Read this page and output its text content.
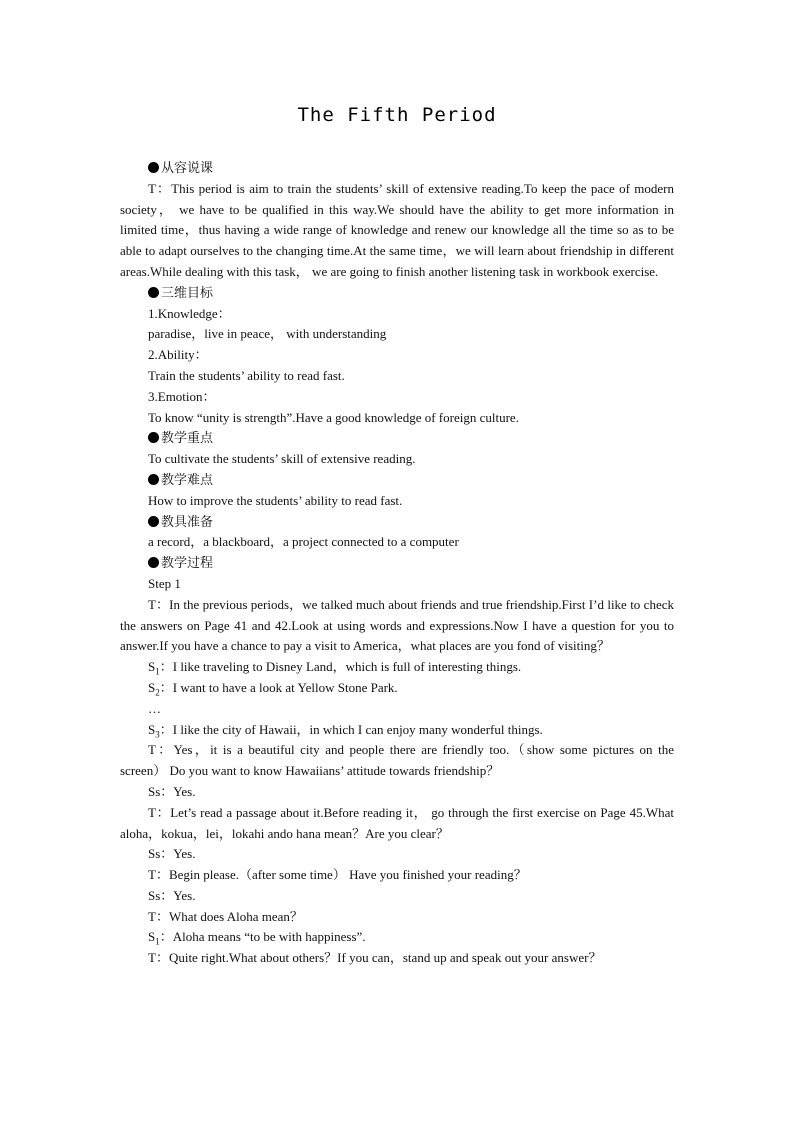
The Fifth Period

从容说课

T：This period is aim to train the students’ skill of extensive reading.To keep the pace of modern society， we have to be qualified in this way.We should have the ability to get more information in limited time，thus having a wide range of knowledge and renew our knowledge all the time so as to be able to adapt ourselves to the changing time.At the same time，we will learn about friendship in different areas.While dealing with this task， we are going to finish another listening task in workbook exercise.

三维目标

1.Knowledge：

paradise，live in peace， with understanding

2.Ability：

Train the students’ ability to read fast.

3.Emotion：

To know “unity is strength”.Have a good knowledge of foreign culture.

教学重点

To cultivate the students’ skill of extensive reading.

教学难点

How to improve the students’ ability to read fast.

教具准备

a record，a blackboard，a project connected to a computer

教学过程

Step 1

T：In the previous periods，we talked much about friends and true friendship.First I’d like to check the answers on Page 41 and 42.Look at using words and expressions.Now I have a question for you to answer.If you have a chance to pay a visit to America，what places are you fond of visiting？

$S_1$：I like traveling to Disney Land，which is full of interesting things.

$S_2$：I want to have a look at Yellow Stone Park.

…

$S_3$：I like the city of Hawaii，in which I can enjoy many wonderful things.

T：Yes，it is a beautiful city and people there are friendly too.（show some pictures on the screen） Do you want to know Hawaiians’ attitude towards friendship？

Ss：Yes.

T：Let’s read a passage about it.Before reading it， go through the first exercise on Page 45.What aloha，kokua，lei，lokahi ando hana mean？Are you clear？

Ss：Yes.

T：Begin please.（after some time） Have you finished your reading？

Ss：Yes.

T：What does Aloha mean？

$S_1$：Aloha means “to be with happiness”.

T：Quite right.What about others？If you can，stand up and speak out your answer？
